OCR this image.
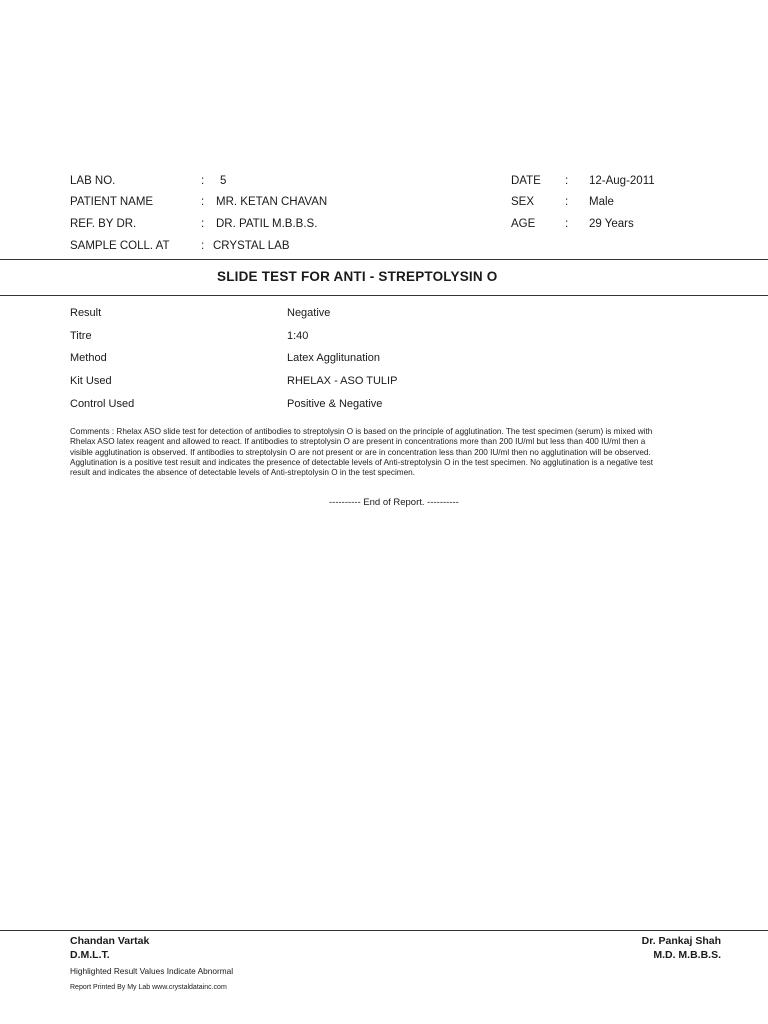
LAB NO.	: 5
PATIENT NAME	: MR. KETAN CHAVAN
REF. BY DR.	: DR. PATIL M.B.B.S.
SAMPLE COLL. AT	: CRYSTAL LAB
DATE : 12-Aug-2011
SEX	: Male
AGE	: 29 Years
SLIDE TEST FOR ANTI - STREPTOLYSIN O
Result	Negative
Titre	1:40
Method	Latex Agglitunation
Kit Used	RHELAX - ASO TULIP
Control Used	Positive & Negative

Comments : Rhelax ASO slide test for detection of antibodies to streptolysin O is based on the principle of agglutination. The test specimen (serum) is mixed with Rhelax ASO latex reagent and allowed to react. If antibodies to streptolysin O are present in concentrations more than 200 IU/ml but less than 400 IU/ml then a visible agglutination is observed. If antibodies to streptolysin O are not present or are in concentration less than 200 IU/ml then no agglutination will be observed.

Agglutination is a positive test result and indicates the presence of detectable levels of Anti-streptolysin O in the test specimen. No agglutination is a negative test result and indicates the absence of detectable levels of Anti-streptolysin O in the test specimen.

---------- End of Report. ----------
Chandan Vartak
D.M.L.T.
Dr. Pankaj Shah
M.D. M.B.B.S.
Highlighted Result Values Indicate Abnormal
Report Printed By My Lab www.crystaldatainc.com
